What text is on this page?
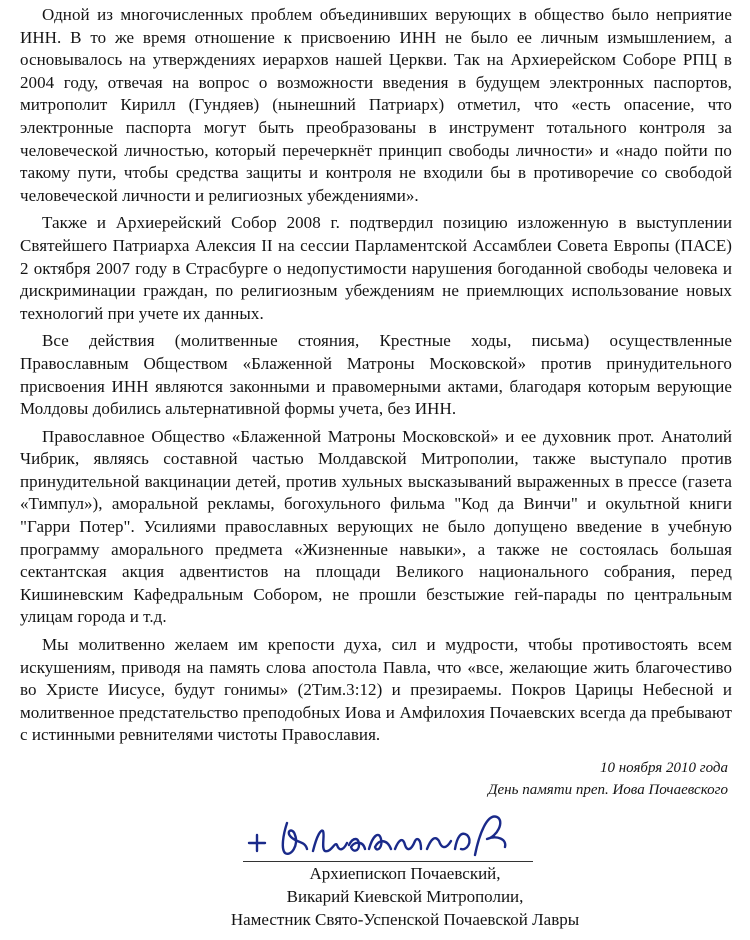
Одной из многочисленных проблем объединивших верующих в общество было неприятие ИНН. В то же время отношение к присвоению ИНН не было ее личным измышлением, а основывалось на утверждениях иерархов нашей Церкви. Так на Архиерейском Соборе РПЦ в 2004 году, отвечая на вопрос о возможности введения в будущем электронных паспортов, митрополит Кирилл (Гундяев) (нынешний Патриарх) отметил, что «есть опасение, что электронные паспорта могут быть преобразованы в инструмент тотального контроля за человеческой личностью, который перечеркнёт принцип свободы личности» и «надо пойти по такому пути, чтобы средства защиты и контроля не входили бы в противоречие со свободой человеческой личности и религиозных убеждениями».

Также и Архиерейский Собор 2008 г. подтвердил позицию изложенную в выступлении Святейшего Патриарха Алексия II на сессии Парламентской Ассамблеи Совета Европы (ПАСЕ) 2 октября 2007 году в Страсбурге о недопустимости нарушения богоданной свободы человека и дискриминации граждан, по религиозным убеждениям не приемлющих использование новых технологий при учете их данных.

Все действия (молитвенные стояния, Крестные ходы, письма) осуществленные Православным Обществом «Блаженной Матроны Московской» против принудительного присвоения ИНН являются законными и правомерными актами, благодаря которым верующие Молдовы добились альтернативной формы учета, без ИНН.

Православное Общество «Блаженной Матроны Московской» и ее духовник прот. Анатолий Чибрик, являясь составной частью Молдавской Митрополии, также выступало против принудительной вакцинации детей, против хульных высказываний выраженных в прессе (газета «Тимпул»), аморальной рекламы, богохульного фильма "Код да Винчи" и окультной книги "Гарри Потер". Усилиями православных верующих не было допущено введение в учебную программу аморального предмета «Жизненные навыки», а также не состоялась большая сектантская акция адвентистов на площади Великого национального собрания, перед Кишиневским Кафедральным Собором, не прошли безстыжие гей-парады по центральным улицам города и т.д.

Мы молитвенно желаем им крепости духа, сил и мудрости, чтобы противостоять всем искушениям, приводя на память слова апостола Павла, что «все, желающие жить благочестиво во Христе Иисусе, будут гонимы» (2Тим.3:12) и презираемы. Покров Царицы Небесной и молитвенное предстательство преподобных Иова и Амфилохия Почаевских всегда да пребывают с истинными ревнителями чистоты Православия.

10 ноября 2010 года
День памяти преп. Иова Почаевского
Архиепископ Почаевский,
Викарий Киевской Митрополии,
Наместник Свято-Успенской Почаевской Лавры
